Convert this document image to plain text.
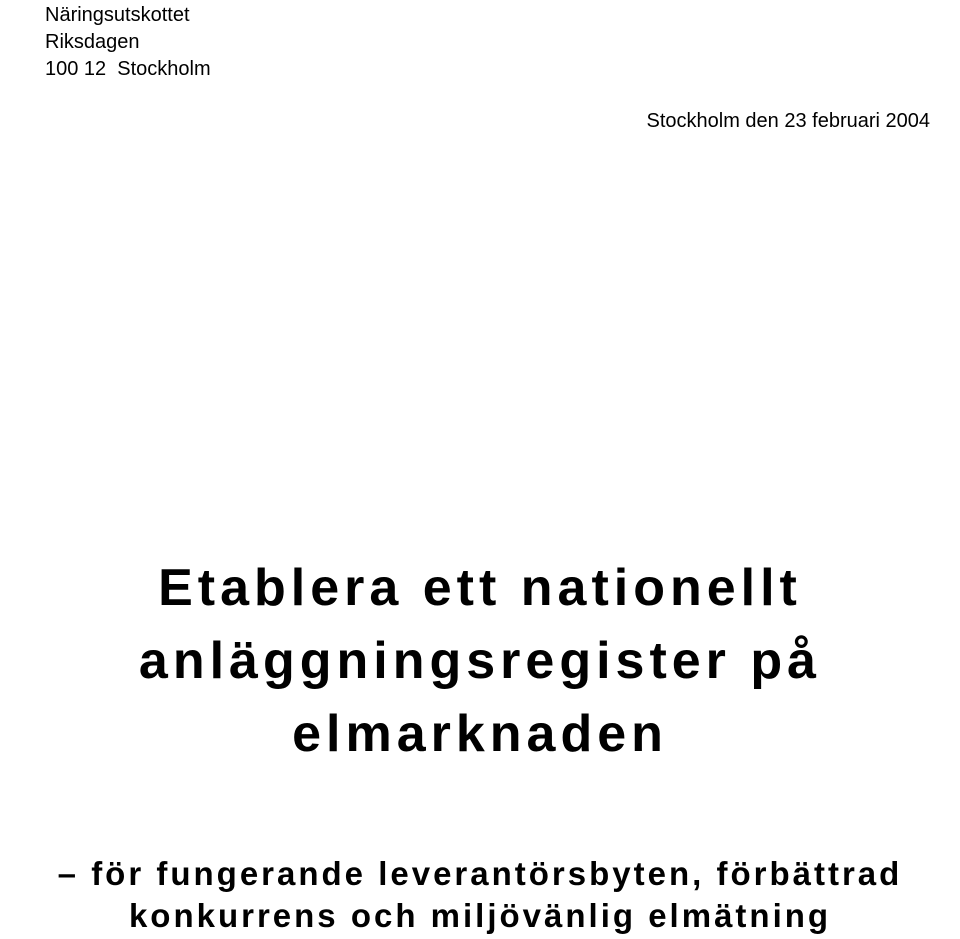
Näringsutskottet
Riksdagen
100 12  Stockholm
Stockholm den 23 februari 2004
Etablera ett nationellt
anläggningsregister på
elmarknaden
– för fungerande leverantörsbyten, förbättrad
konkurrens och miljövänlig elmätning
